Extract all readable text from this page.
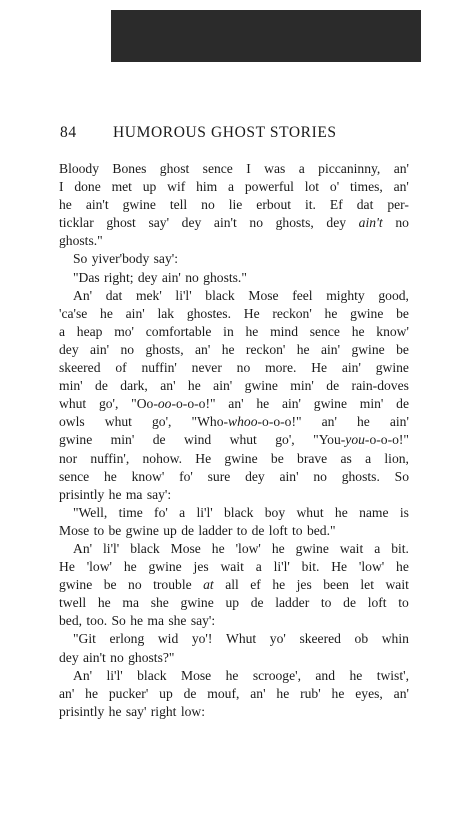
84 HUMOROUS GHOST STORIES
Bloody Bones ghost sence I was a piccaninny, an'
I done met up wif him a powerful lot o' times, an'
he ain't gwine tell no lie erbout it. Ef dat per-
ticklar ghost say' dey ain't no ghosts, dey ain't no
ghosts."
So yiver'body say':
"Das right; dey ain' no ghosts."
An' dat mek' li'l' black Mose feel mighty good,
'ca'se he ain' lak ghostes. He reckon' he gwine be
a heap mo' comfortable in he mind sence he know'
dey ain' no ghosts, an' he reckon' he ain' gwine be
skeered of nuffin' never no more. He ain' gwine
min' de dark, an' he ain' gwine min' de rain-doves
whut go', "Oo-oo-o-o-o!" an' he ain' gwine min' de
owls whut go', "Who-whoo-o-o-o!" an' he ain'
gwine min' de wind whut go', "You-you-o-o-o!"
nor nuffin', nohow. He gwine be brave as a lion,
sence he know' fo' sure dey ain' no ghosts. So
prisintly he ma say':
"Well, time fo' a li'l' black boy whut he name is
Mose to be gwine up de ladder to de loft to bed."
An' li'l' black Mose he 'low' he gwine wait a bit.
He 'low' he gwine jes wait a li'l' bit. He 'low' he
gwine be no trouble at all ef he jes been let wait
twell he ma she gwine up de ladder to de loft to
bed, too. So he ma she say':
"Git erlong wid yo'! Whut yo' skeered ob whin
dey ain't no ghosts?"
An' li'l' black Mose he scrooge', and he twist',
an' he pucker' up de mouf, an' he rub' he eyes, an'
prisintly he say' right low:
